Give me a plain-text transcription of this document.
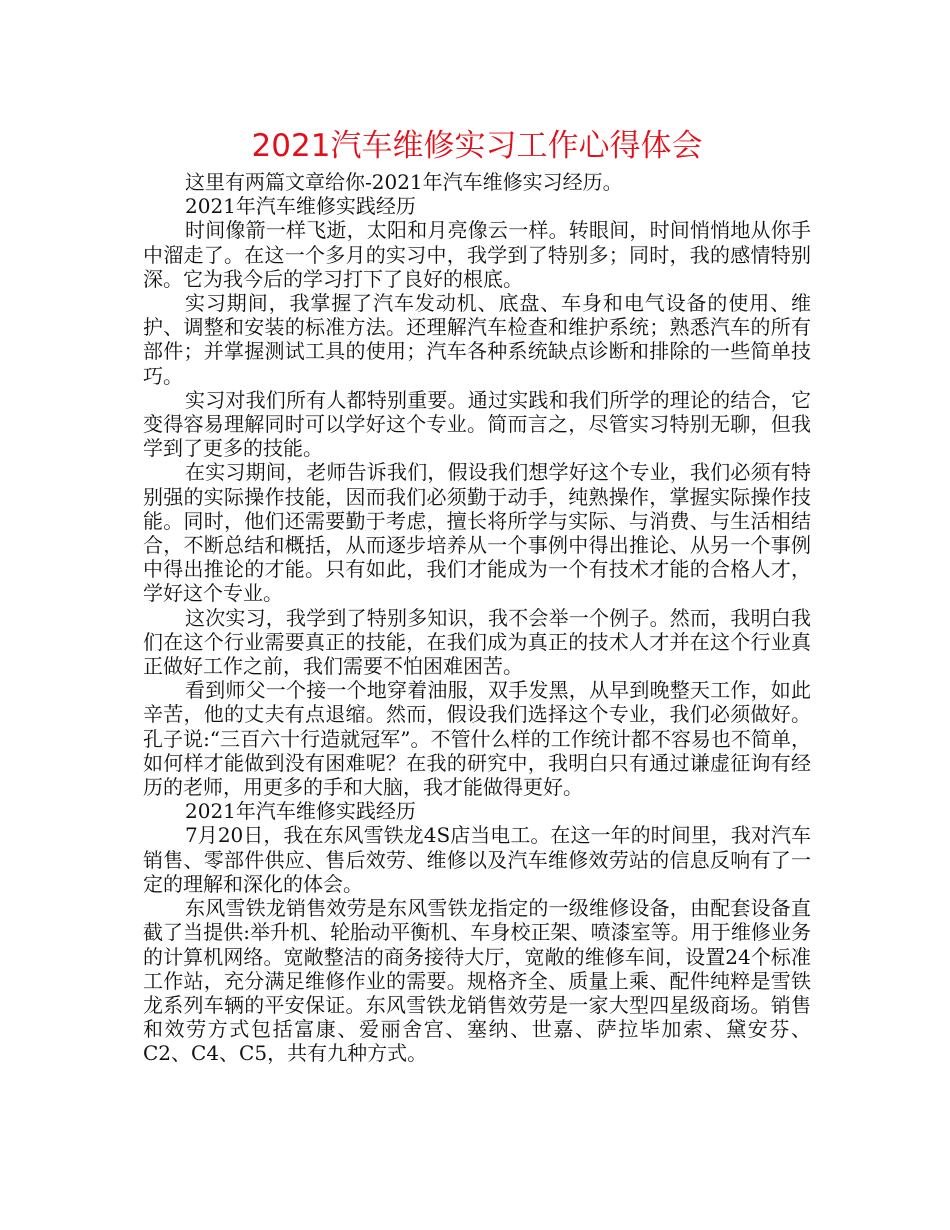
2021汽车维修实习工作心得体会

这里有两篇文章给你-2021年汽车维修实习经历。

2021年汽车维修实践经历

时间像箭一样飞逝，太阳和月亮像云一样。转眼间，时间悄悄地从你手中溜走了。在这一个多月的实习中，我学到了特别多；同时，我的感情特别深。它为我今后的学习打下了良好的根底。

实习期间，我掌握了汽车发动机、底盘、车身和电气设备的使用、维护、调整和安装的标准方法。还理解汽车检查和维护系统；熟悉汽车的所有部件；并掌握测试工具的使用；汽车各种系统缺点诊断和排除的一些简单技巧。

实习对我们所有人都特别重要。通过实践和我们所学的理论的结合，它变得容易理解同时可以学好这个专业。简而言之，尽管实习特别无聊，但我学到了更多的技能。

在实习期间，老师告诉我们，假设我们想学好这个专业，我们必须有特别强的实际操作技能，因而我们必须勤于动手，纯熟操作，掌握实际操作技能。同时，他们还需要勤于考虑，擅长将所学与实际、与消费、与生活相结合，不断总结和概括，从而逐步培养从一个事例中得出推论、从另一个事例中得出推论的才能。只有如此，我们才能成为一个有技术才能的合格人才，学好这个专业。

这次实习，我学到了特别多知识，我不会举一个例子。然而，我明白我们在这个行业需要真正的技能，在我们成为真正的技术人才并在这个行业真正做好工作之前，我们需要不怕困难困苦。

看到师父一个接一个地穿着油服，双手发黑，从早到晚整天工作，如此辛苦，他的丈夫有点退缩。然而，假设我们选择这个专业，我们必须做好。孔子说:“三百六十行造就冠军”。不管什么样的工作统计都不容易也不简单，如何样才能做到没有困难呢？在我的研究中，我明白只有通过谦虚征询有经历的老师，用更多的手和大脑，我才能做得更好。

2021年汽车维修实践经历

7月20日，我在东风雪铁龙4S店当电工。在这一年的时间里，我对汽车销售、零部件供应、售后效劳、维修以及汽车维修效劳站的信息反响有了一定的理解和深化的体会。

东风雪铁龙销售效劳是东风雪铁龙指定的一级维修设备，由配套设备直截了当提供:举升机、轮胎动平衡机、车身校正架、喷漆室等。用于维修业务的计算机网络。宽敞整洁的商务接待大厅，宽敞的维修车间，设置24个标准工作站，充分满足维修作业的需要。规格齐全、质量上乘、配件纯粹是雪铁龙系列车辆的平安保证。东风雪铁龙销售效劳是一家大型四星级商场。销售和效劳方式包括富康、爱丽舍宫、塞纳、世嘉、萨拉毕加索、黛安芬、C2、C4、C5，共有九种方式。
